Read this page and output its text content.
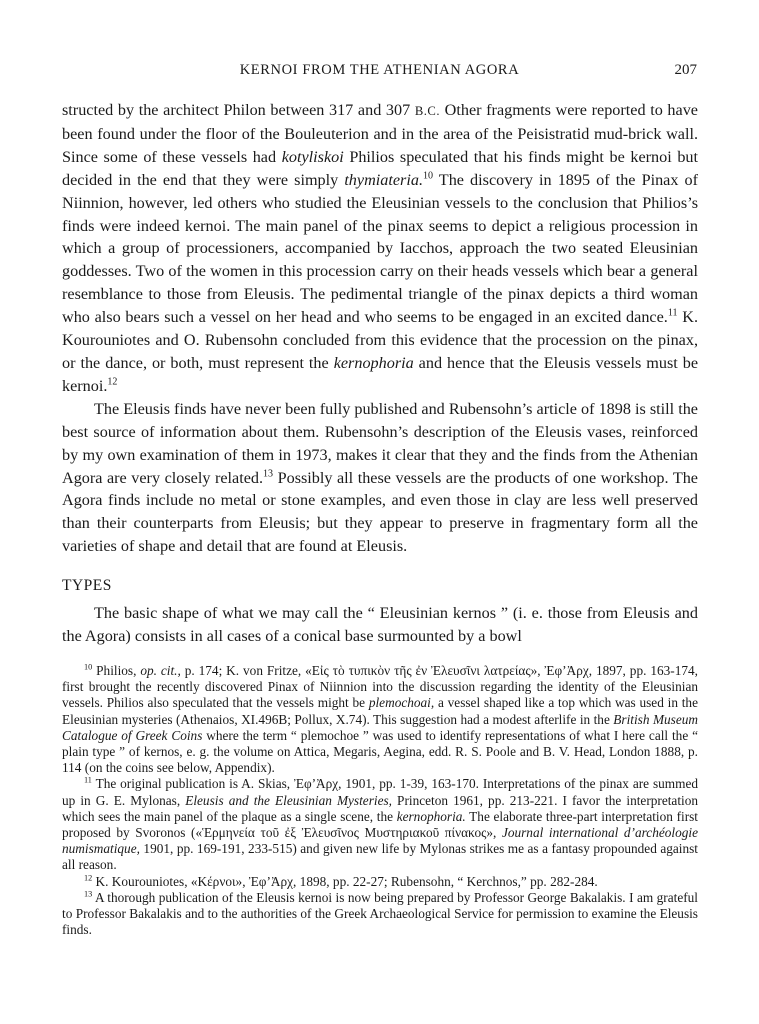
KERNOI FROM THE ATHENIAN AGORA	207

structed by the architect Philon between 317 and 307 B.C. Other fragments were reported to have been found under the floor of the Bouleuterion and in the area of the Peisistratid mud-brick wall. Since some of these vessels had kotyliskoi Philios speculated that his finds might be kernoi but decided in the end that they were simply thymiateria.$^{10}$ The discovery in 1895 of the Pinax of Niinnion, however, led others who studied the Eleusinian vessels to the conclusion that Philios’s finds were indeed kernoi. The main panel of the pinax seems to depict a religious procession in which a group of processioners, accompanied by Iacchos, approach the two seated Eleusinian goddesses. Two of the women in this procession carry on their heads vessels which bear a general resemblance to those from Eleusis. The pedimental triangle of the pinax depicts a third woman who also bears such a vessel on her head and who seems to be engaged in an excited dance.$^{11}$ K. Kourouniotes and O. Rubensohn concluded from this evidence that the procession on the pinax, or the dance, or both, must represent the kernophoria and hence that the Eleusis vessels must be kernoi.$^{12}$

The Eleusis finds have never been fully published and Rubensohn’s article of 1898 is still the best source of information about them. Rubensohn’s description of the Eleusis vases, reinforced by my own examination of them in 1973, makes it clear that they and the finds from the Athenian Agora are very closely related.$^{13}$ Possibly all these vessels are the products of one workshop. The Agora finds include no metal or stone examples, and even those in clay are less well preserved than their counterparts from Eleusis; but they appear to preserve in fragmentary form all the varieties of shape and detail that are found at Eleusis.

TYPES

The basic shape of what we may call the “ Eleusinian kernos ” (i. e. those from Eleusis and the Agora) consists in all cases of a conical base surmounted by a bowl

$^{10}$ Philios, op. cit., p. 174; K. von Fritze, «Εἰς τὸ τυπικὸν τῆς ἐν Ἐλευσῖνι λατρείας», Ἐφ’Ἀρχ, 1897, pp. 163-174, first brought the recently discovered Pinax of Niinnion into the discussion regarding the identity of the Eleusinian vessels. Philios also speculated that the vessels might be plemochoai, a vessel shaped like a top which was used in the Eleusinian mysteries (Athenaios, XI.496B; Pollux, X.74). This suggestion had a modest afterlife in the British Museum Catalogue of Greek Coins where the term “ plemochoe ” was used to identify representations of what I here call the “ plain type ” of kernos, e. g. the volume on Attica, Megaris, Aegina, edd. R. S. Poole and B. V. Head, London 1888, p. 114 (on the coins see below, Appendix).

$^{11}$ The original publication is A. Skias, Ἐφ’Ἀρχ, 1901, pp. 1-39, 163-170. Interpretations of the pinax are summed up in G. E. Mylonas, Eleusis and the Eleusinian Mysteries, Princeton 1961, pp. 213-221. I favor the interpretation which sees the main panel of the plaque as a single scene, the kernophoria. The elaborate three-part interpretation first proposed by Svoronos («Ἑρμηνεία τοῦ ἐξ Ἐλευσῖνος Μυστηριακοῦ πίνακος», Journal international d’archéologie numismatique, 1901, pp. 169-191, 233-515) and given new life by Mylonas strikes me as a fantasy propounded against all reason.

$^{12}$ K. Kourouniotes, «Κέρνοι», Ἐφ’Ἀρχ, 1898, pp. 22-27; Rubensohn, “ Kerchnos,” pp. 282-284.

$^{13}$ A thorough publication of the Eleusis kernoi is now being prepared by Professor George Bakalakis. I am grateful to Professor Bakalakis and to the authorities of the Greek Archaeological Service for permission to examine the Eleusis finds.
